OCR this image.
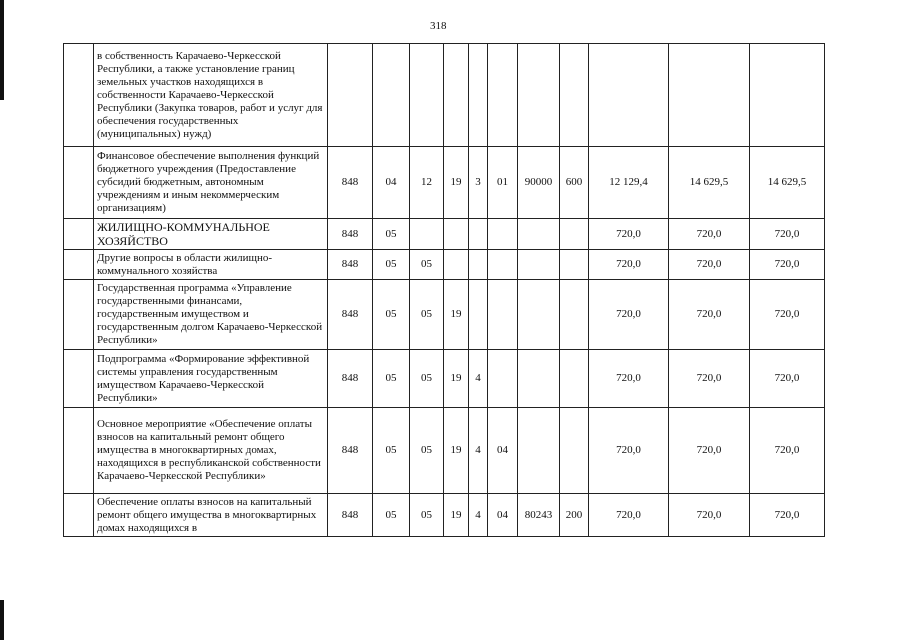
318
	в собственность Карачаево-Черкесской Республики, а также установление границ земельных участков находящихся в собственности Карачаево-Черкесской Республики (Закупка товаров, работ и услуг для обеспечения государственных (муниципальных) нужд)											
	Финансовое обеспечение выполнения функций бюджетного учреждения (Предоставление субсидий бюджетным, автономным учреждениям и иным некоммерческим организациям)	848	04	12	19	3	01	90000	600	12 129,4	14 629,5	14 629,5
	ЖИЛИЩНО-КОММУНАЛЬНОЕ ХОЗЯЙСТВО	848	05							720,0	720,0	720,0
	Другие вопросы в области жилищно-коммунального хозяйства	848	05	05						720,0	720,0	720,0
	Государственная программа «Управление государственными финансами, государственным имуществом и государственным долгом Карачаево-Черкесской Республики»	848	05	05	19					720,0	720,0	720,0
	Подпрограмма «Формирование эффективной системы управления государственным имуществом Карачаево-Черкесской Республики»	848	05	05	19	4				720,0	720,0	720,0
	Основное мероприятие «Обеспечение оплаты взносов на капитальный ремонт общего имущества в многоквартирных домах, находящихся в республиканской собственности Карачаево-Черкесской Республики»	848	05	05	19	4	04			720,0	720,0	720,0
	Обеспечение оплаты взносов на капитальный ремонт общего имущества в многоквартирных домах находящихся в	848	05	05	19	4	04	80243	200	720,0	720,0	720,0
